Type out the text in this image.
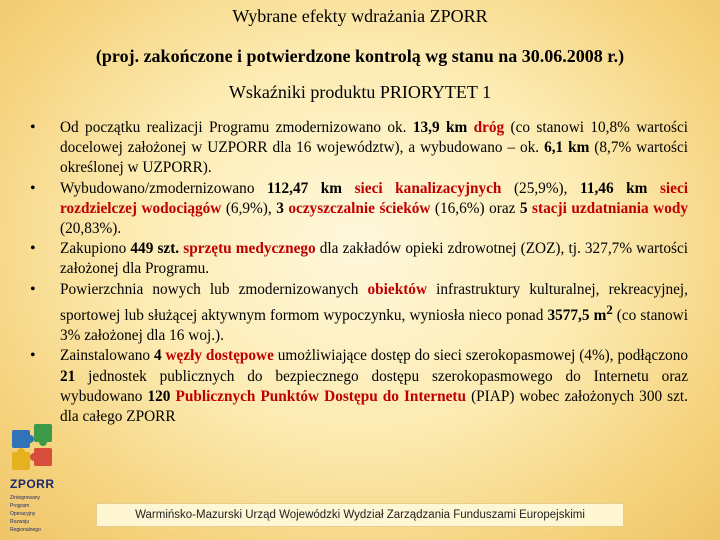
Wybrane efekty wdrażania ZPORR
(proj. zakończone i potwierdzone kontrolą wg stanu na 30.06.2008 r.)
Wskaźniki produktu PRIORYTET 1
• Od początku realizacji Programu zmodernizowano ok. 13,9 km dróg (co stanowi 10,8% wartości docelowej założonej w UZPORR dla 16 województw), a wybudowano – ok. 6,1 km (8,7% wartości określonej w UZPORR).
• Wybudowano/zmodernizowano 112,47 km sieci kanalizacyjnych (25,9%), 11,46 km sieci rozdzielczej wodociągów (6,9%), 3 oczyszczalnie ścieków (16,6%) oraz 5 stacji uzdatniania wody (20,83%).
• Zakupiono 449 szt. sprzętu medycznego dla zakładów opieki zdrowotnej (ZOZ), tj. 327,7% wartości założonej dla Programu.
• Powierzchnia nowych lub zmodernizowanych obiektów infrastruktury kulturalnej, rekreacyjnej, sportowej lub służącej aktywnym formom wypoczynku, wyniosła nieco ponad 3577,5 $m^2$ (co stanowi 3% założonej dla 16 woj.).
• Zainstalowano 4 węzły dostępowe umożliwiające dostęp do sieci szerokopasmowej (4%), podłączono 21 jednostek publicznych do bezpiecznego dostępu szerokopasmowego do Internetu oraz wybudowano 120 Publicznych Punktów Dostępu do Internetu (PIAP) wobec założonych 300 szt. dla całego ZPORR
ZPORR
Zintegrowany
Program
Operacyjny
Rozwoju
Regionalnego
Warmińsko-Mazurski Urząd Wojewódzki Wydział Zarządzania Funduszami Europejskimi
